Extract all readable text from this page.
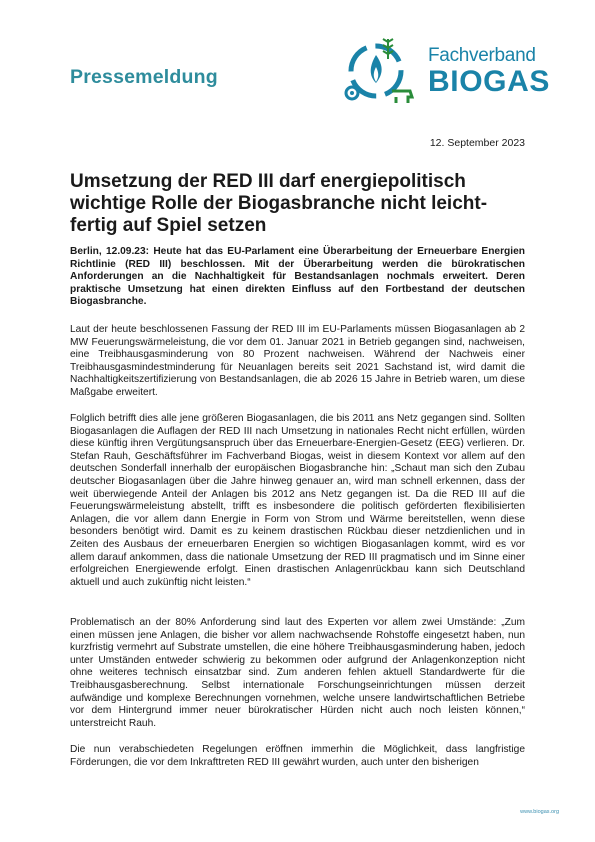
Pressemeldung
Fachverband
BIOGAS
12. September 2023
Umsetzung der RED III darf energiepolitisch wichtige Rolle der Biogasbranche nicht leicht-fertig auf Spiel setzen

Berlin, 12.09.23: Heute hat das EU-Parlament eine Überarbeitung der Erneuerbare Energien Richtlinie (RED III) beschlossen. Mit der Überarbeitung werden die bürokratischen Anforderungen an die Nachhaltigkeit für Bestandsanlagen nochmals erweitert. Deren praktische Umsetzung hat einen direkten Einfluss auf den Fortbestand der deutschen Biogasbranche.

Laut der heute beschlossenen Fassung der RED III im EU-Parlaments müssen Biogasanlagen ab 2 MW Feuerungswärmeleistung, die vor dem 01. Januar 2021 in Betrieb gegangen sind, nachweisen, eine Treibhausgasminderung von 80 Prozent nachweisen. Während der Nachweis einer Treibhausgasmindestminderung für Neuanlagen bereits seit 2021 Sachstand ist, wird damit die Nachhaltigkeitszertifizierung von Bestandsanlagen, die ab 2026 15 Jahre in Betrieb waren, um diese Maßgabe erweitert.

Folglich betrifft dies alle jene größeren Biogasanlagen, die bis 2011 ans Netz gegangen sind. Sollten Biogasanlagen die Auflagen der RED III nach Umsetzung in nationales Recht nicht erfüllen, würden diese künftig ihren Vergütungsanspruch über das Erneuerbare-Energien-Gesetz (EEG) verlieren. Dr. Stefan Rauh, Geschäftsführer im Fachverband Biogas, weist in diesem Kontext vor allem auf den deutschen Sonderfall innerhalb der europäischen Biogasbranche hin: „Schaut man sich den Zubau deutscher Biogasanlagen über die Jahre hinweg genauer an, wird man schnell erkennen, dass der weit überwiegende Anteil der Anlagen bis 2012 ans Netz gegangen ist. Da die RED III auf die Feuerungswärmeleistung abstellt, trifft es insbesondere die politisch geförderten flexibilisierten Anlagen, die vor allem dann Energie in Form von Strom und Wärme bereitstellen, wenn diese besonders benötigt wird. Damit es zu keinem drastischen Rückbau dieser netzdienlichen und in Zeiten des Ausbaus der erneuerbaren Energien so wichtigen Biogasanlagen kommt, wird es vor allem darauf ankommen, dass die nationale Umsetzung der RED III pragmatisch und im Sinne einer erfolgreichen Energiewende erfolgt. Einen drastischen Anlagenrückbau kann sich Deutschland aktuell und auch zukünftig nicht leisten.“

Problematisch an der 80% Anforderung sind laut des Experten vor allem zwei Umstände: „Zum einen müssen jene Anlagen, die bisher vor allem nachwachsende Rohstoffe eingesetzt haben, nun kurzfristig vermehrt auf Substrate umstellen, die eine höhere Treibhausgasminderung haben, jedoch unter Umständen entweder schwierig zu bekommen oder aufgrund der Anlagenkonzeption nicht ohne weiteres technisch einsatzbar sind. Zum anderen fehlen aktuell Standardwerte für die Treibhausgasberechnung. Selbst internationale Forschungseinrichtungen müssen derzeit aufwändige und komplexe Berechnungen vornehmen, welche unsere landwirtschaftlichen Betriebe vor dem Hintergrund immer neuer bürokratischer Hürden nicht auch noch leisten können,“ unterstreicht Rauh.

Die nun verabschiedeten Regelungen eröffnen immerhin die Möglichkeit, dass langfristige Förderungen, die vor dem Inkrafttreten RED III gewährt wurden, auch unter den bisherigen

www.biogas.org
